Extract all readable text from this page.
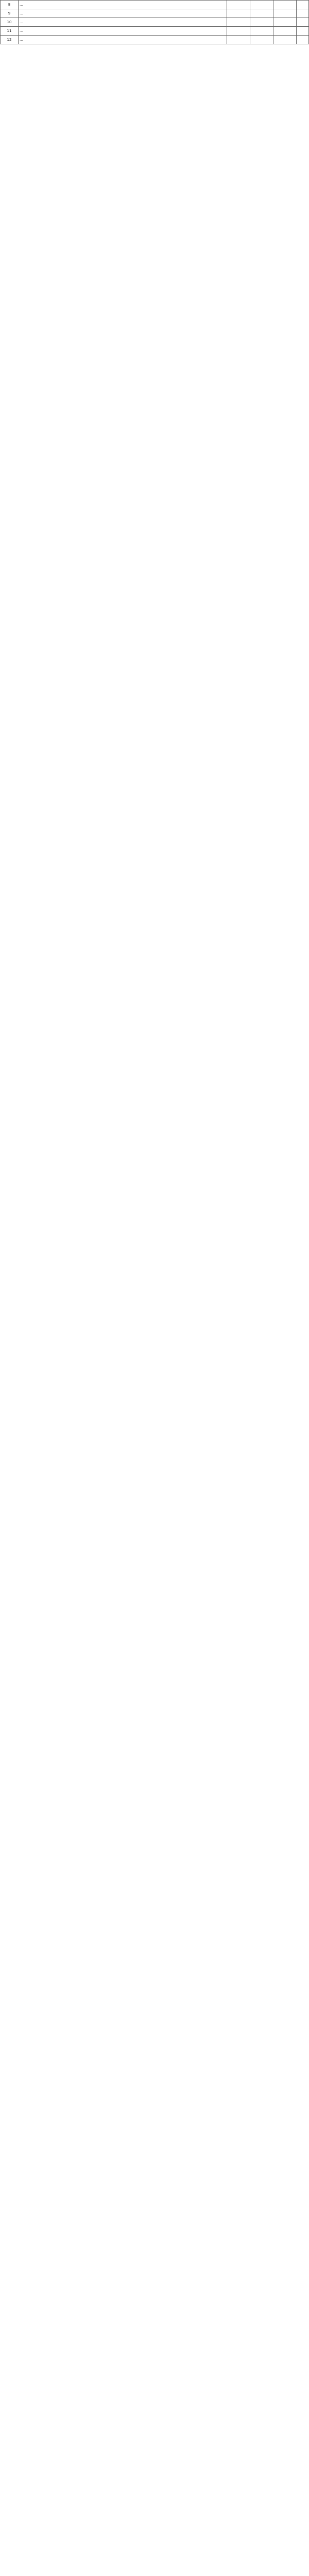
8	…				
9	…				
10	…				
11	…				
12	…				
